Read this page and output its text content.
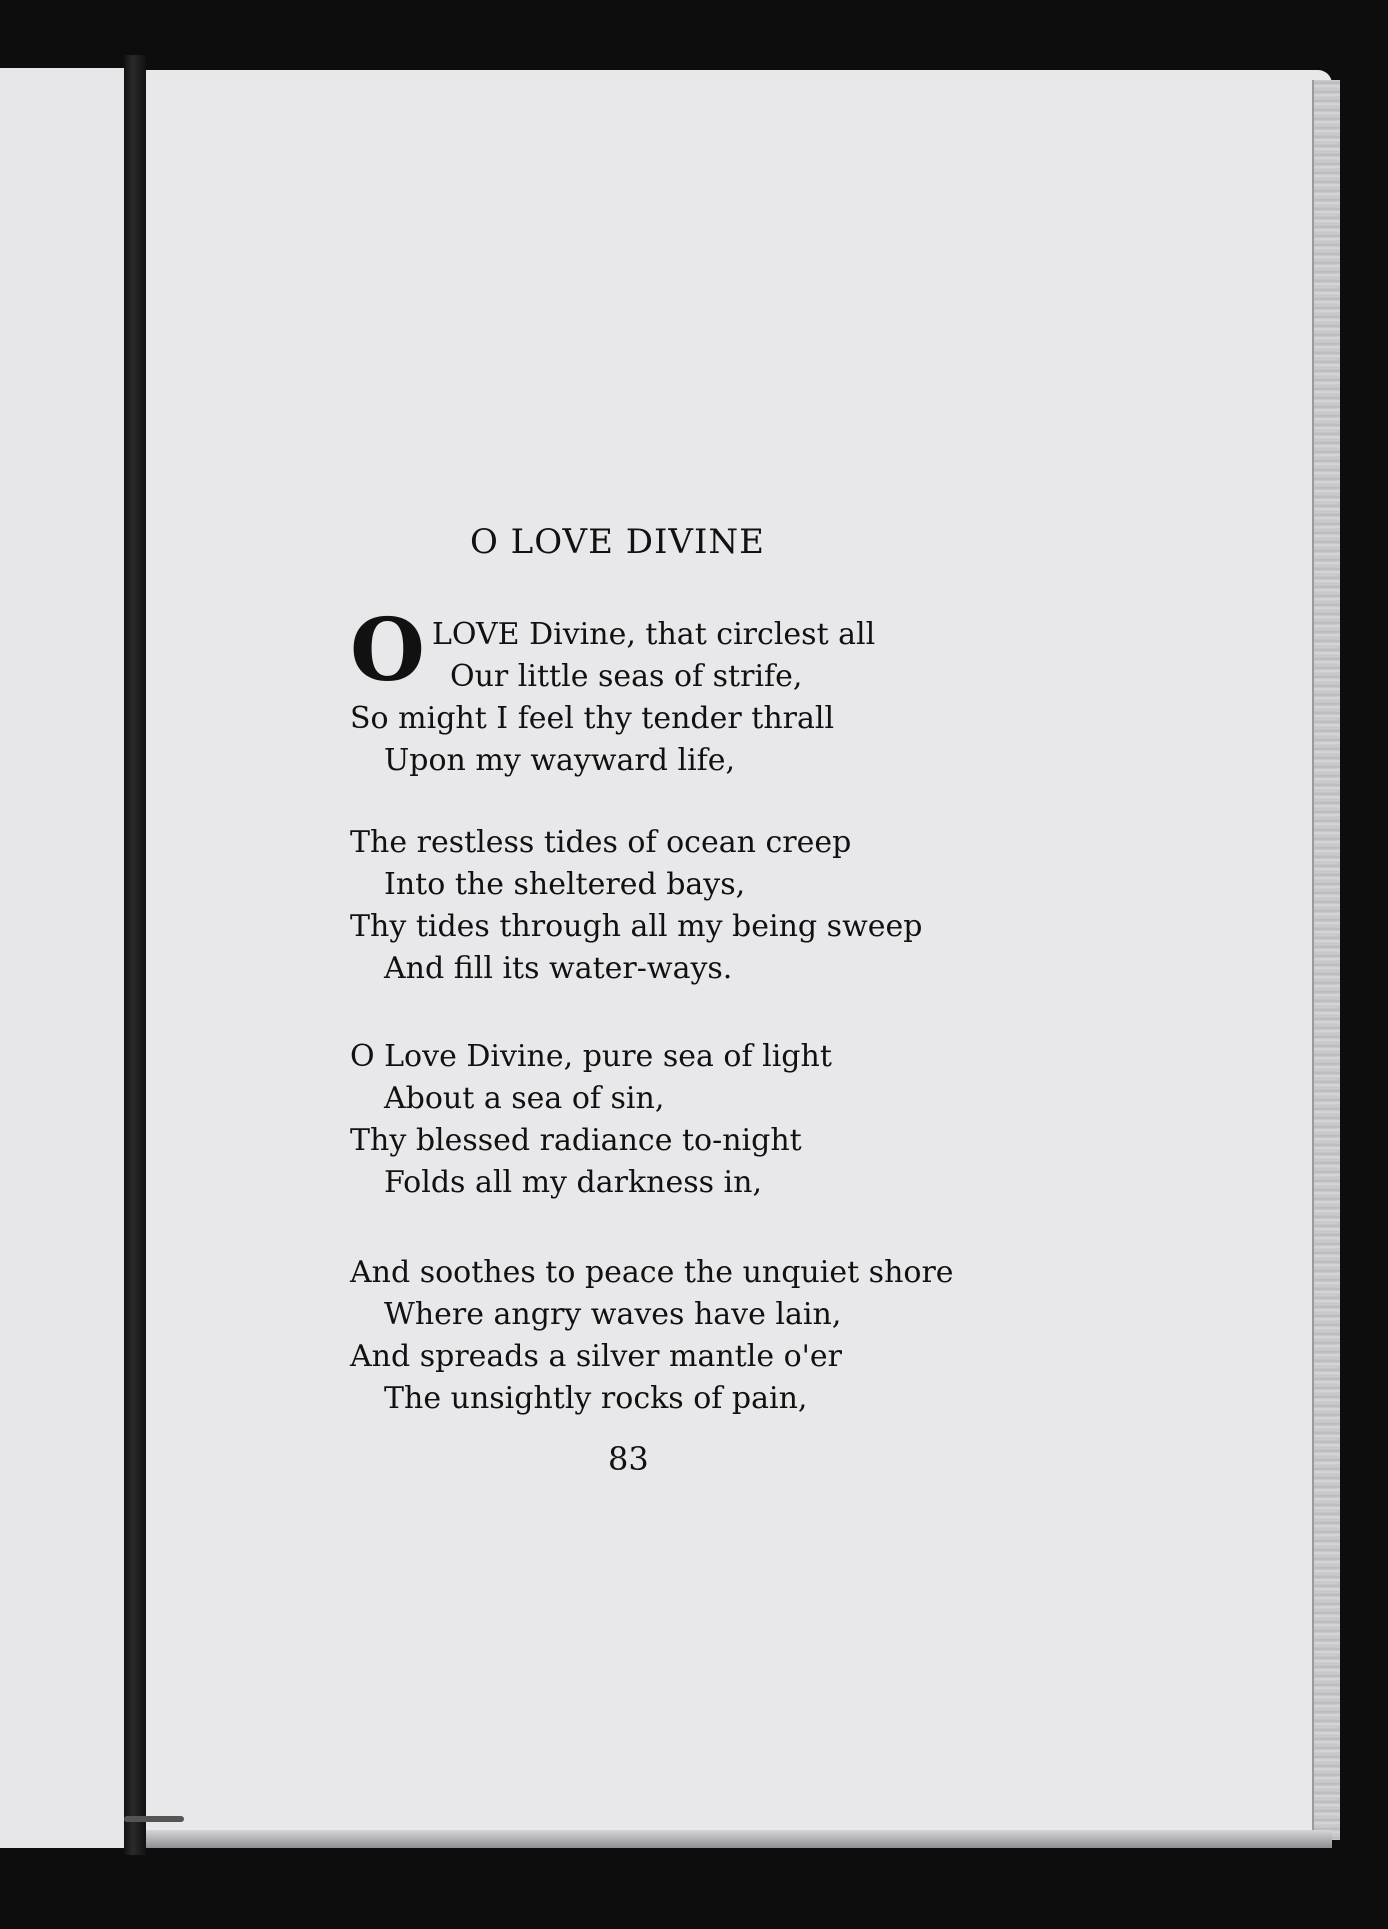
O LOVE DIVINE
O LOVE Divine, that circlest all
Our little seas of strife,
So might I feel thy tender thrall
Upon my wayward life,
The restless tides of ocean creep
Into the sheltered bays,
Thy tides through all my being sweep
And fill its water-ways.
O Love Divine, pure sea of light
About a sea of sin,
Thy blessed radiance to-night
Folds all my darkness in,
And soothes to peace the unquiet shore
Where angry waves have lain,
And spreads a silver mantle o'er
The unsightly rocks of pain,
83
